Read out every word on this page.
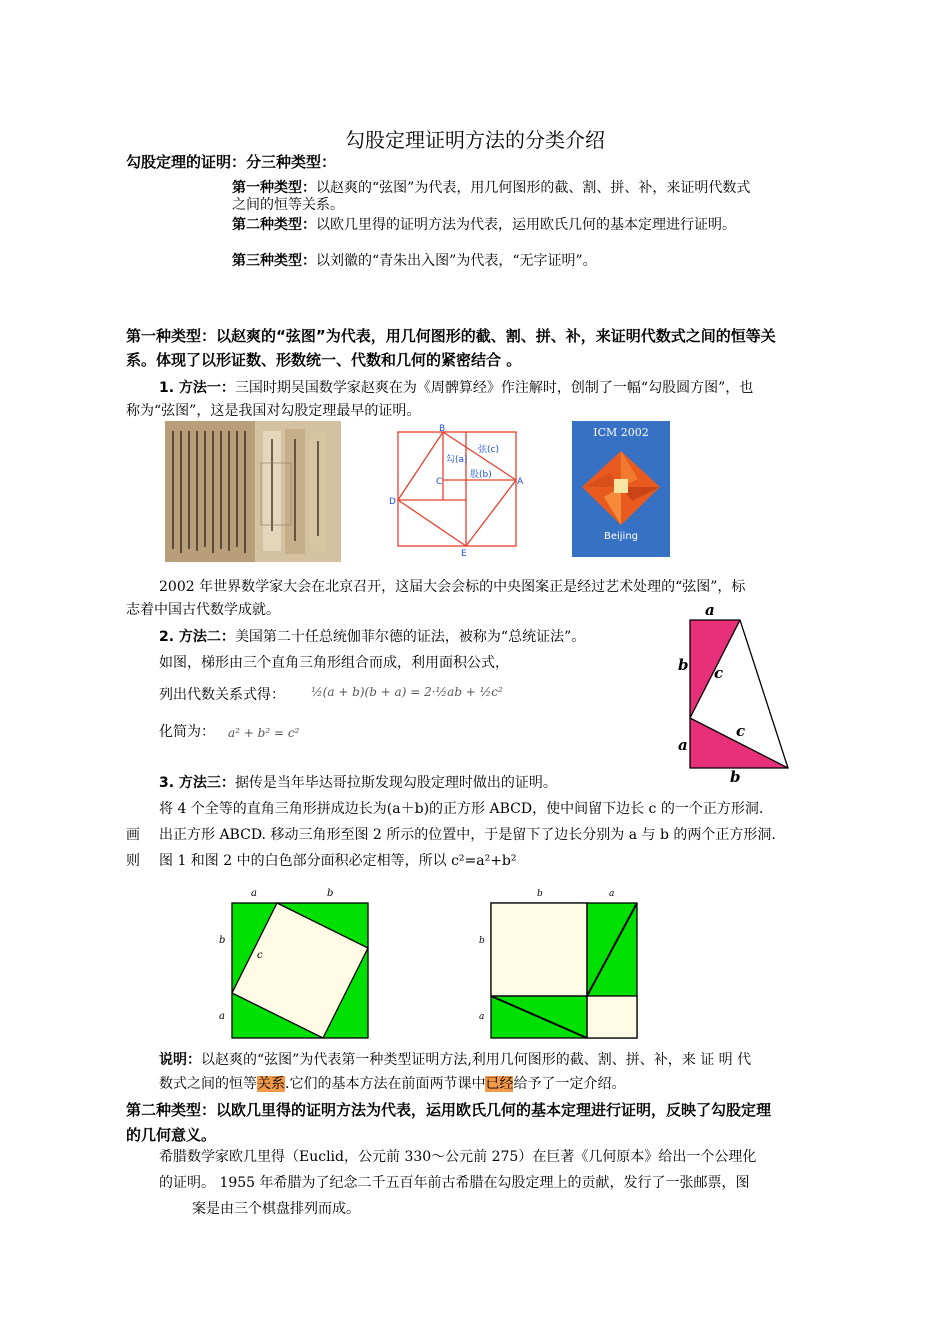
勾股定理证明方法的分类介绍
勾股定理的证明：分三种类型：
第一种类型：以赵爽的“弦图”为代表，用几何图形的截、割、拼、补，来证明代数式
之间的恒等关系。
第二种类型：以欧几里得的证明方法为代表，运用欧氏几何的基本定理进行证明。
第三种类型：以刘徽的“青朱出入图”为代表，“无字证明”。
第一种类型：以赵爽的“弦图”为代表，用几何图形的截、割、拼、补，来证明代数式之间的恒等关
系。体现了以形证数、形数统一、代数和几何的紧密结合 。
1. 方法一：三国时期吴国数学家赵爽在为《周髀算经》作注解时，创制了一幅“勾股圆方图”，也
称为“弦图”，这是我国对勾股定理最早的证明。
B
C	A
D
E
勾(a)
弦(c)
股(b)
ICM 2002
Beijing
2002 年世界数学家大会在北京召开，这届大会会标的中央图案正是经过艺术处理的“弦图”，标
志着中国古代数学成就。
2. 方法二：美国第二十任总统伽菲尔德的证法，被称为“总统证法”。
如图，梯形由三个直角三角形组合而成，利用面积公式，
列出代数关系式得： ½(a + b)(b + a) = 2·½ab + ½c²
化简为： a² + b² = c²
a
b c
c
a
b
3. 方法三：据传是当年毕达哥拉斯发现勾股定理时做出的证明。
将 4 个全等的直角三角形拼成边长为(a＋b)的正方形 ABCD，使中间留下边长 c 的一个正方形洞.
画 出正方形 ABCD. 移动三角形至图 2 所示的位置中，于是留下了边长分别为 a 与 b 的两个正方形洞.
则 图 1 和图 2 中的白色部分面积必定相等，所以 c²=a²+b²
a	b
b
a
c
b	a
b
a
说明：以赵爽的“弦图”为代表第一种类型证明方法,利用几何图形的截、割、拼、补，来 证 明 代
数式之间的恒等关系.它们的基本方法在前面两节课中已经给予了一定介绍。
第二种类型：以欧几里得的证明方法为代表，运用欧氏几何的基本定理进行证明，反映了勾股定理
的几何意义。
希腊数学家欧几里得（Euclid，公元前 330～公元前 275）在巨著《几何原本》给出一个公理化
的证明。 1955 年希腊为了纪念二千五百年前古希腊在勾股定理上的贡献，发行了一张邮票，图
案是由三个棋盘排列而成。
